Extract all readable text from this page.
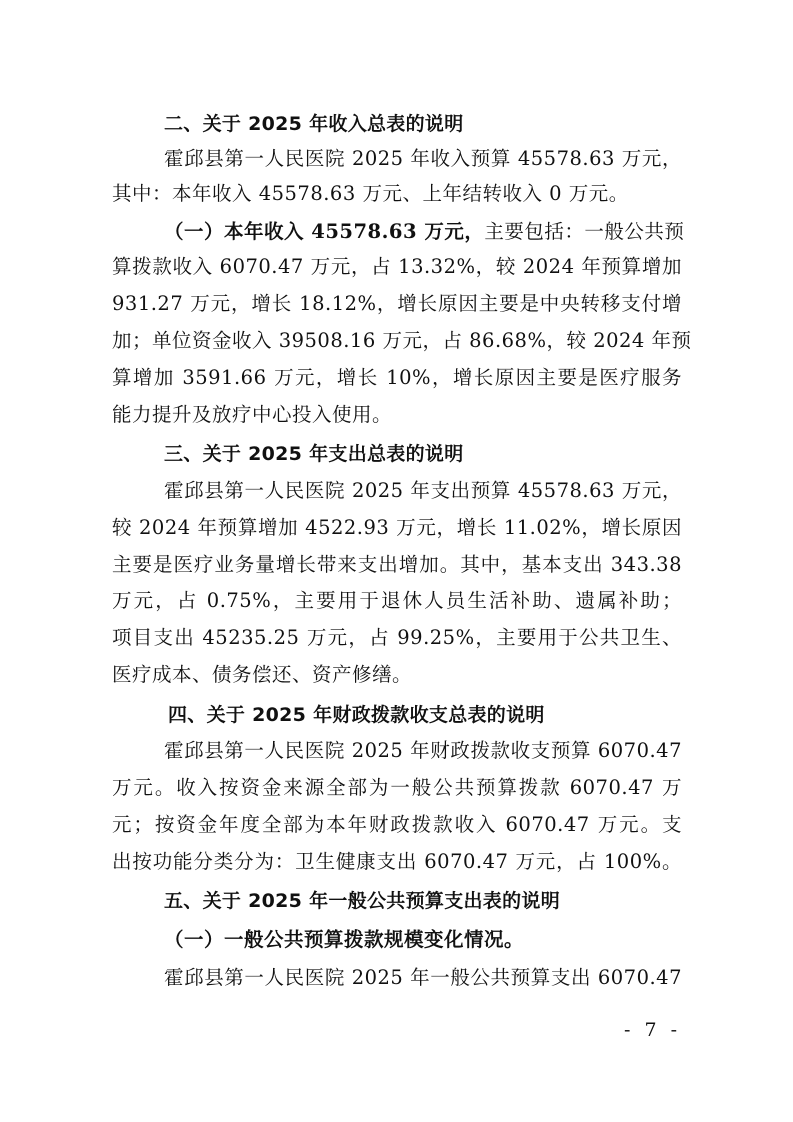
二、关于 2025 年收入总表的说明
霍邱县第一人民医院 2025 年收入预算 45578.63 万元，
其中：本年收入 45578.63 万元、上年结转收入 0 万元。
（一）本年收入 45578.63 万元，主要包括：一般公共预
算拨款收入 6070.47 万元，占 13.32%，较 2024 年预算增加
931.27 万元，增长 18.12%，增长原因主要是中央转移支付增
加；单位资金收入 39508.16 万元，占 86.68%，较 2024 年预
算增加 3591.66 万元，增长 10%，增长原因主要是医疗服务
能力提升及放疗中心投入使用。
三、关于 2025 年支出总表的说明
霍邱县第一人民医院 2025 年支出预算 45578.63 万元，
较 2024 年预算增加 4522.93 万元，增长 11.02%，增长原因
主要是医疗业务量增长带来支出增加。其中，基本支出 343.38
万元，占 0.75%，主要用于退休人员生活补助、遗属补助；
项目支出 45235.25 万元，占 99.25%，主要用于公共卫生、
医疗成本、债务偿还、资产修缮。
四、关于 2025 年财政拨款收支总表的说明
霍邱县第一人民医院 2025 年财政拨款收支预算 6070.47
万元。收入按资金来源全部为一般公共预算拨款 6070.47 万
元；按资金年度全部为本年财政拨款收入 6070.47 万元。支
出按功能分类分为：卫生健康支出 6070.47 万元，占 100%。
五、关于 2025 年一般公共预算支出表的说明
（一）一般公共预算拨款规模变化情况。
霍邱县第一人民医院 2025 年一般公共预算支出 6070.47
- 7 -
